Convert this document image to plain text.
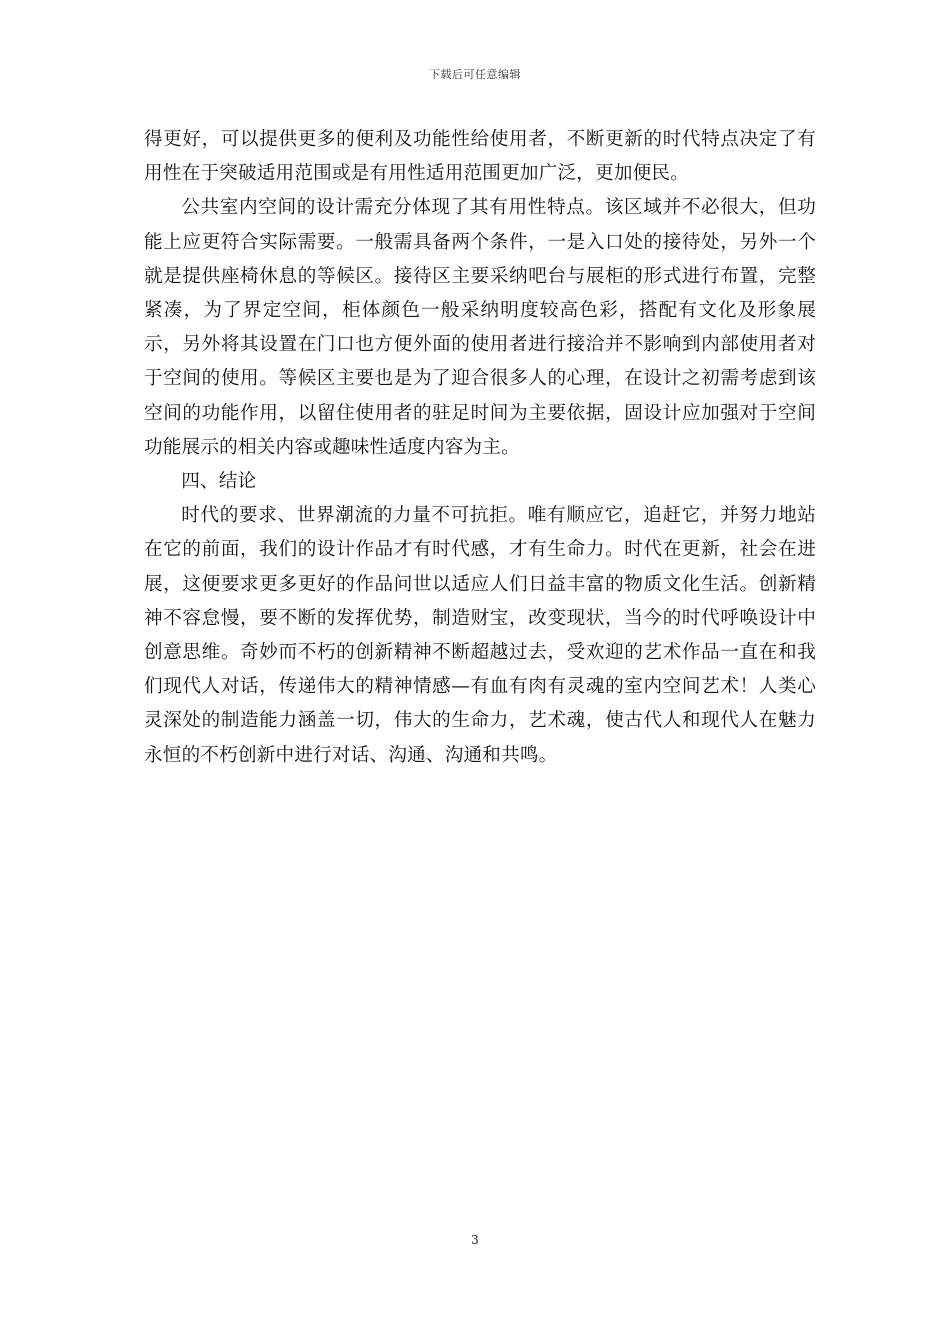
下载后可任意编辑

得更好，可以提供更多的便利及功能性给使用者，不断更新的时代特点决定了有用性在于突破适用范围或是有用性适用范围更加广泛，更加便民。

公共室内空间的设计需充分体现了其有用性特点。该区域并不必很大，但功能上应更符合实际需要。一般需具备两个条件，一是入口处的接待处，另外一个就是提供座椅休息的等候区。接待区主要采纳吧台与展柜的形式进行布置，完整紧凑，为了界定空间，柜体颜色一般采纳明度较高色彩，搭配有文化及形象展示，另外将其设置在门口也方便外面的使用者进行接洽并不影响到内部使用者对于空间的使用。等候区主要也是为了迎合很多人的心理，在设计之初需考虑到该空间的功能作用，以留住使用者的驻足时间为主要依据，固设计应加强对于空间功能展示的相关内容或趣味性适度内容为主。

四、结论

时代的要求、世界潮流的力量不可抗拒。唯有顺应它，追赶它，并努力地站在它的前面，我们的设计作品才有时代感，才有生命力。时代在更新，社会在进展，这便要求更多更好的作品问世以适应人们日益丰富的物质文化生活。创新精神不容怠慢，要不断的发挥优势，制造财宝，改变现状，当今的时代呼唤设计中创意思维。奇妙而不朽的创新精神不断超越过去，受欢迎的艺术作品一直在和我们现代人对话，传递伟大的精神情感—有血有肉有灵魂的室内空间艺术！人类心灵深处的制造能力涵盖一切，伟大的生命力，艺术魂，使古代人和现代人在魅力永恒的不朽创新中进行对话、沟通、沟通和共鸣。

3
